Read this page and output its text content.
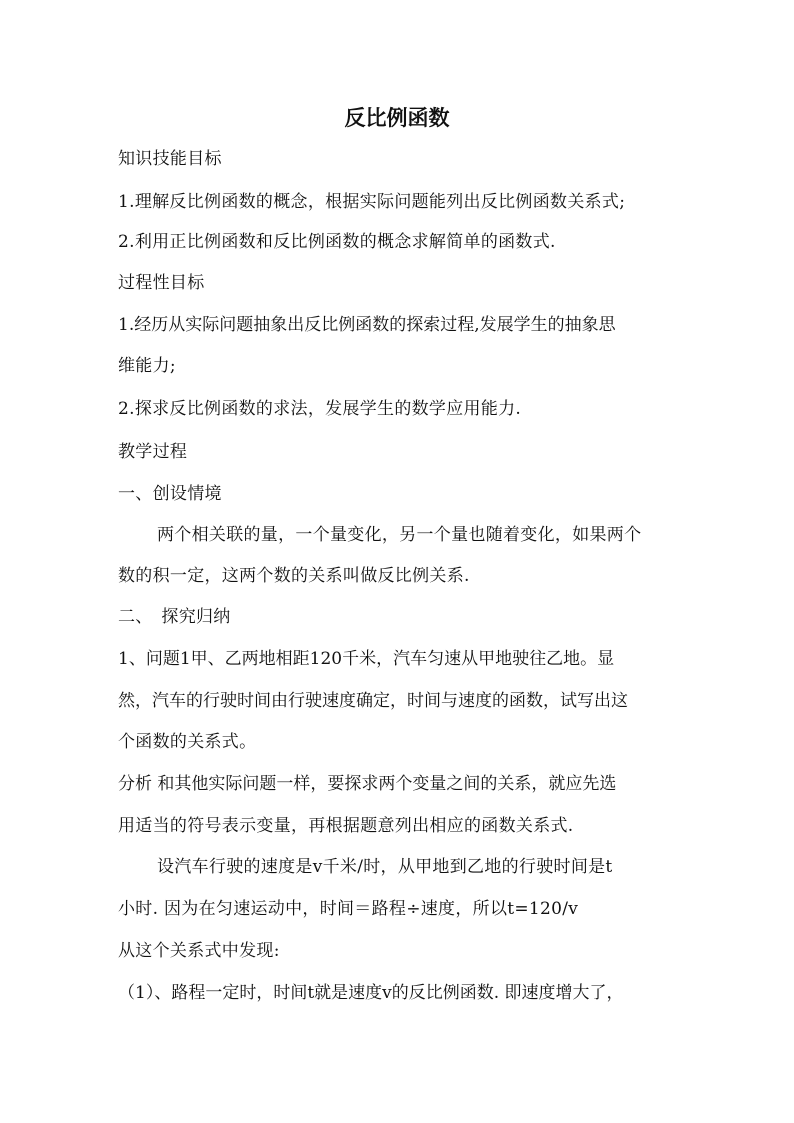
反比例函数
知识技能目标
1.理解反比例函数的概念，根据实际问题能列出反比例函数关系式;
2.利用正比例函数和反比例函数的概念求解简单的函数式.
过程性目标
1.经历从实际问题抽象出反比例函数的探索过程,发展学生的抽象思
维能力;
2.探求反比例函数的求法，发展学生的数学应用能力.
教学过程
一、创设情境
两个相关联的量，一个量变化，另一个量也随着变化，如果两个
数的积一定，这两个数的关系叫做反比例关系.
二、　探究归纳
1、问题1甲、乙两地相距120千米，汽车匀速从甲地驶往乙地。显
然，汽车的行驶时间由行驶速度确定，时间与速度的函数，试写出这
个函数的关系式。
分析 和其他实际问题一样，要探求两个变量之间的关系，就应先选
用适当的符号表示变量，再根据题意列出相应的函数关系式.
设汽车行驶的速度是v千米/时，从甲地到乙地的行驶时间是t
小时. 因为在匀速运动中，时间＝路程÷速度，所以t=120/v
从这个关系式中发现:
（1）、路程一定时，时间t就是速度v的反比例函数. 即速度增大了，
